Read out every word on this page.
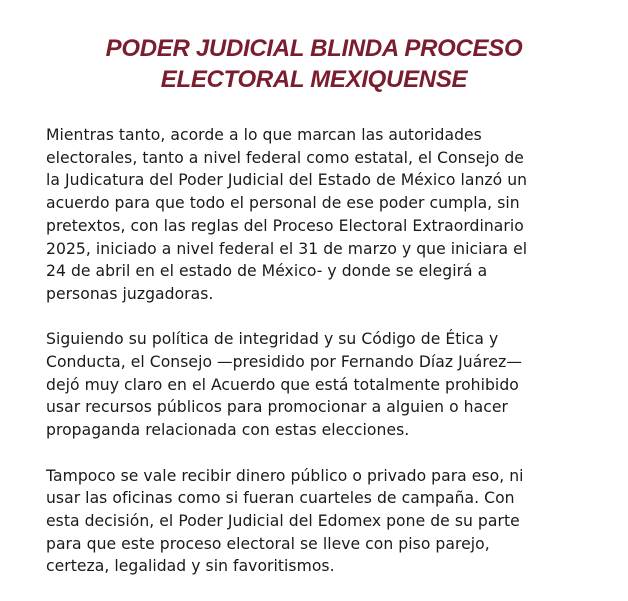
PODER JUDICIAL BLINDA PROCESO
ELECTORAL MEXIQUENSE

Mientras tanto, acorde a lo que marcan las autoridades
electorales, tanto a nivel federal como estatal, el Consejo de
la Judicatura del Poder Judicial del Estado de México lanzó un
acuerdo para que todo el personal de ese poder cumpla, sin
pretextos, con las reglas del Proceso Electoral Extraordinario
2025, iniciado a nivel federal el 31 de marzo y que iniciara el
24 de abril en el estado de México- y donde se elegirá a
personas juzgadoras.

Siguiendo su política de integridad y su Código de Ética y
Conducta, el Consejo —presidido por Fernando Díaz Juárez—
dejó muy claro en el Acuerdo que está totalmente prohibido
usar recursos públicos para promocionar a alguien o hacer
propaganda relacionada con estas elecciones.

Tampoco se vale recibir dinero público o privado para eso, ni
usar las oficinas como si fueran cuarteles de campaña. Con
esta decisión, el Poder Judicial del Edomex pone de su parte
para que este proceso electoral se lleve con piso parejo,
certeza, legalidad y sin favoritismos.
